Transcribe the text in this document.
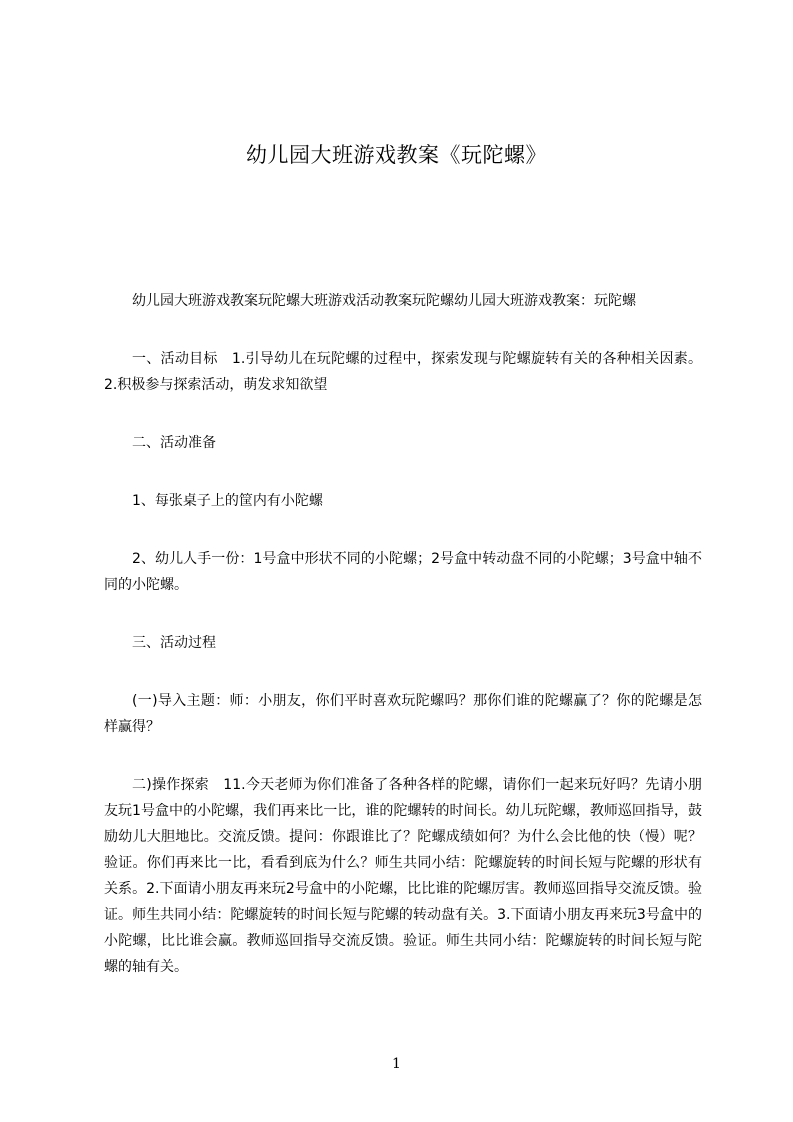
幼儿园大班游戏教案《玩陀螺》

幼儿园大班游戏教案玩陀螺大班游戏活动教案玩陀螺幼儿园大班游戏教案：玩陀螺

一、活动目标　1.引导幼儿在玩陀螺的过程中，探索发现与陀螺旋转有关的各种相关因素。2.积极参与探索活动，萌发求知欲望

二、活动准备

1、每张桌子上的筐内有小陀螺

2、幼儿人手一份：1号盒中形状不同的小陀螺；2号盒中转动盘不同的小陀螺；3号盒中轴不同的小陀螺。

三、活动过程

(一)导入主题：师：小朋友，你们平时喜欢玩陀螺吗？那你们谁的陀螺赢了？你的陀螺是怎样赢得？

二)操作探索　11.今天老师为你们准备了各种各样的陀螺，请你们一起来玩好吗？先请小朋友玩1号盒中的小陀螺，我们再来比一比，谁的陀螺转的时间长。幼儿玩陀螺，教师巡回指导，鼓励幼儿大胆地比。交流反馈。提问：你跟谁比了？陀螺成绩如何？为什么会比他的快（慢）呢？验证。你们再来比一比，看看到底为什么？师生共同小结：陀螺旋转的时间长短与陀螺的形状有关系。2.下面请小朋友再来玩2号盒中的小陀螺，比比谁的陀螺厉害。教师巡回指导交流反馈。验证。师生共同小结：陀螺旋转的时间长短与陀螺的转动盘有关。3.下面请小朋友再来玩3号盒中的小陀螺，比比谁会赢。教师巡回指导交流反馈。验证。师生共同小结：陀螺旋转的时间长短与陀螺的轴有关。

1
